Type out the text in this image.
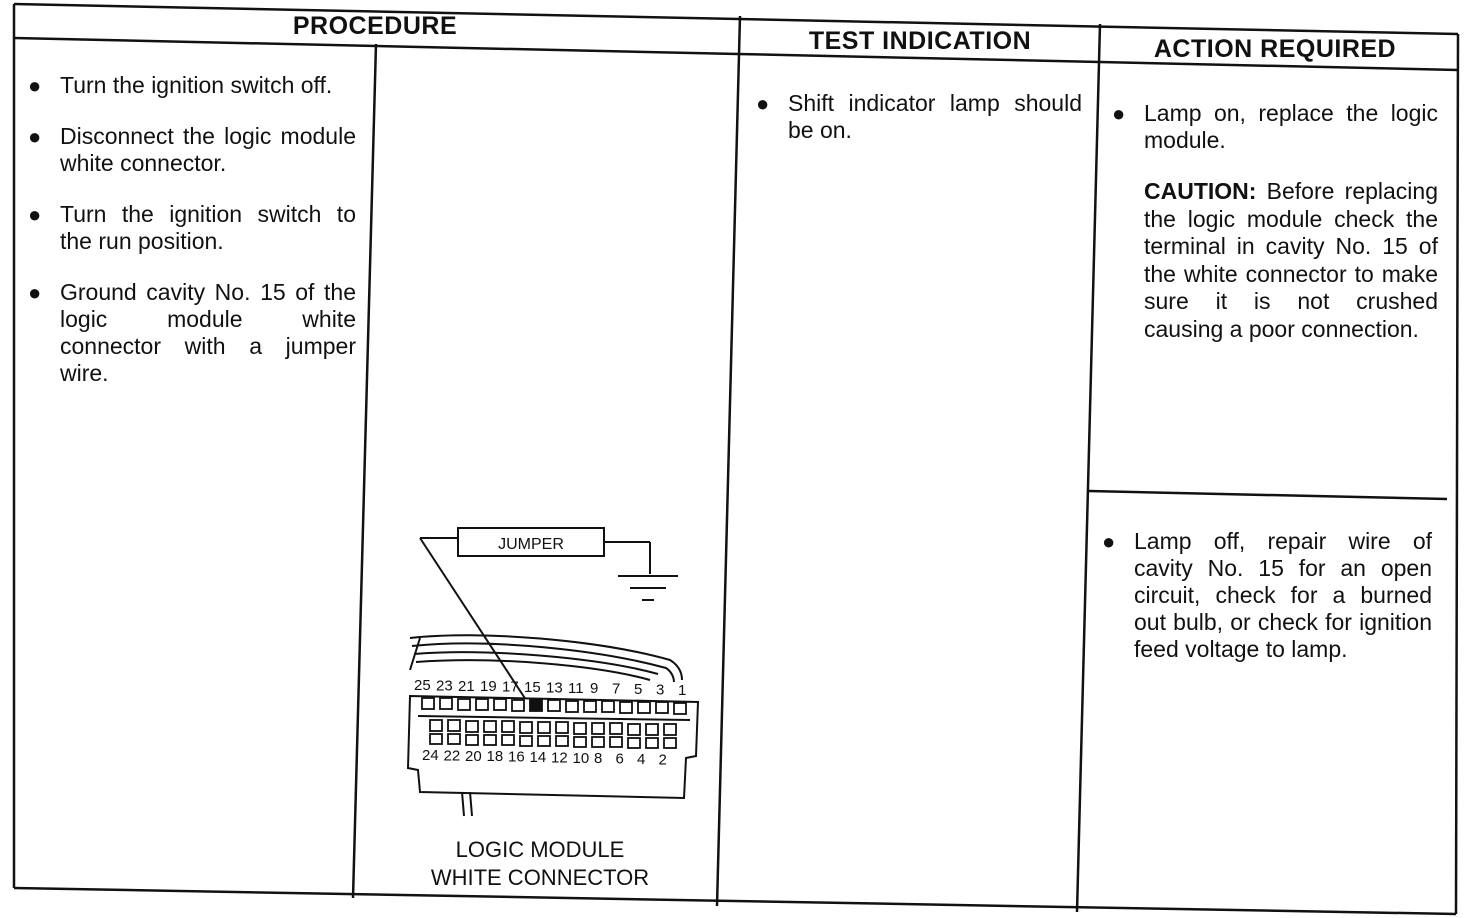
PROCEDURE
TEST INDICATION	ACTION REQUIRED
● Turn the ignition switch off.
● Disconnect the logic module white connector.
● Turn the ignition switch to the run position.
● Ground cavity No. 15 of the logic module white connector with a jumper wire.
25 23 21 19 17 15 13 11 9 7 5 3 1
24 22 20 18 16 14 12 10 8 6 4 2
JUMPER
LOGIC MODULE
WHITE CONNECTOR
● Shift indicator lamp should be on.
● Lamp on, replace the logic module.
CAUTION: Before replacing the logic module check the terminal in cavity No. 15 of the white connector to make sure it is not crushed causing a poor connection.
● Lamp off, repair wire of cavity No. 15 for an open circuit, check for a burned out bulb, or check for ignition feed voltage to lamp.
